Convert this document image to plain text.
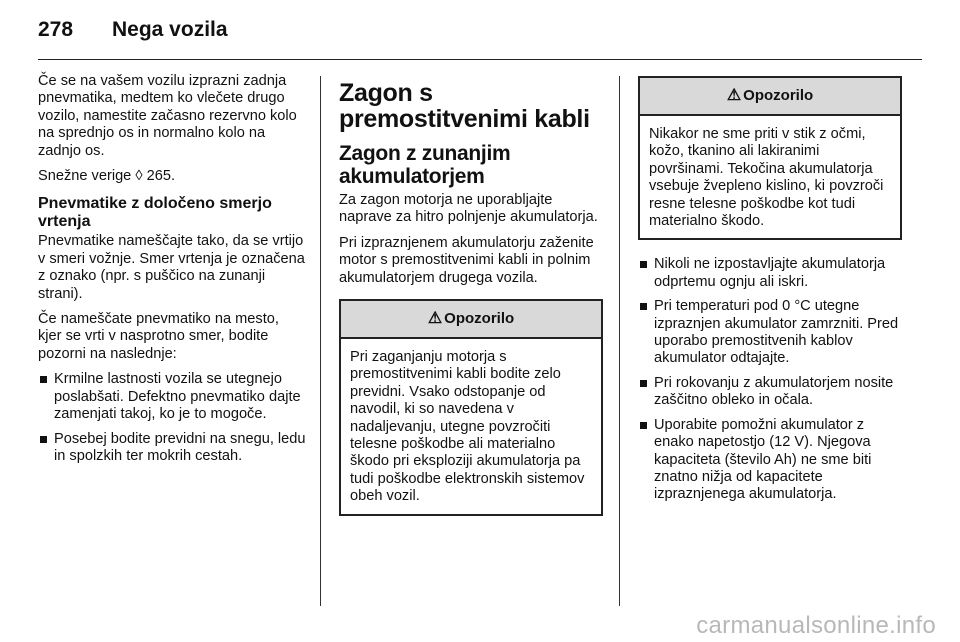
278	Nega vozila

Če se na vašem vozilu izprazni zadnja pnevmatika, medtem ko vlečete drugo vozilo, namestite začasno rezervno kolo na sprednjo os in normalno kolo na zadnjo os.

Snežne verige ◊ 265.

Pnevmatike z določeno smerjo vrtenja

Pnevmatike nameščajte tako, da se vrtijo v smeri vožnje. Smer vrtenja je označena z oznako (npr. s puščico na zunanji strani).

Če nameščate pnevmatiko na mesto, kjer se vrti v nasprotno smer, bodite pozorni na naslednje:

Krmilne lastnosti vozila se utegnejo poslabšati. Defektno pnevmatiko dajte zamenjati takoj, ko je to mogoče.
Posebej bodite previdni na snegu, ledu in spolzkih ter mokrih cestah.
Zagon s premostitvenimi kabli
Zagon z zunanjim akumulatorjem

Za zagon motorja ne uporabljajte naprave za hitro polnjenje akumulatorja.

Pri izpraznjenem akumulatorju zaženite motor s premostitvenimi kabli in polnim akumulatorjem drugega vozila.

⚠ Opozorilo
Pri zaganjanju motorja s premostitvenimi kabli bodite zelo previdni. Vsako odstopanje od navodil, ki so navedena v nadaljevanju, utegne povzročiti telesne poškodbe ali materialno škodo pri eksploziji akumulatorja pa tudi poškodbe elektronskih sistemov obeh vozil.
⚠ Opozorilo
Nikakor ne sme priti v stik z očmi, kožo, tkanino ali lakiranimi površinami. Tekočina akumulatorja vsebuje žvepleno kislino, ki povzroči resne telesne poškodbe kot tudi materialno škodo.
Nikoli ne izpostavljajte akumulatorja odprtemu ognju ali iskri.
Pri temperaturi pod 0 °C utegne izpraznjen akumulator zamrzniti. Pred uporabo premostitvenih kablov akumulator odtajajte.
Pri rokovanju z akumulatorjem nosite zaščitno obleko in očala.
Uporabite pomožni akumulator z enako napetostjo (12 V). Njegova kapaciteta (število Ah) ne sme biti znatno nižja od kapacitete izpraznjenega akumulatorja.
carmanualsonline.info
